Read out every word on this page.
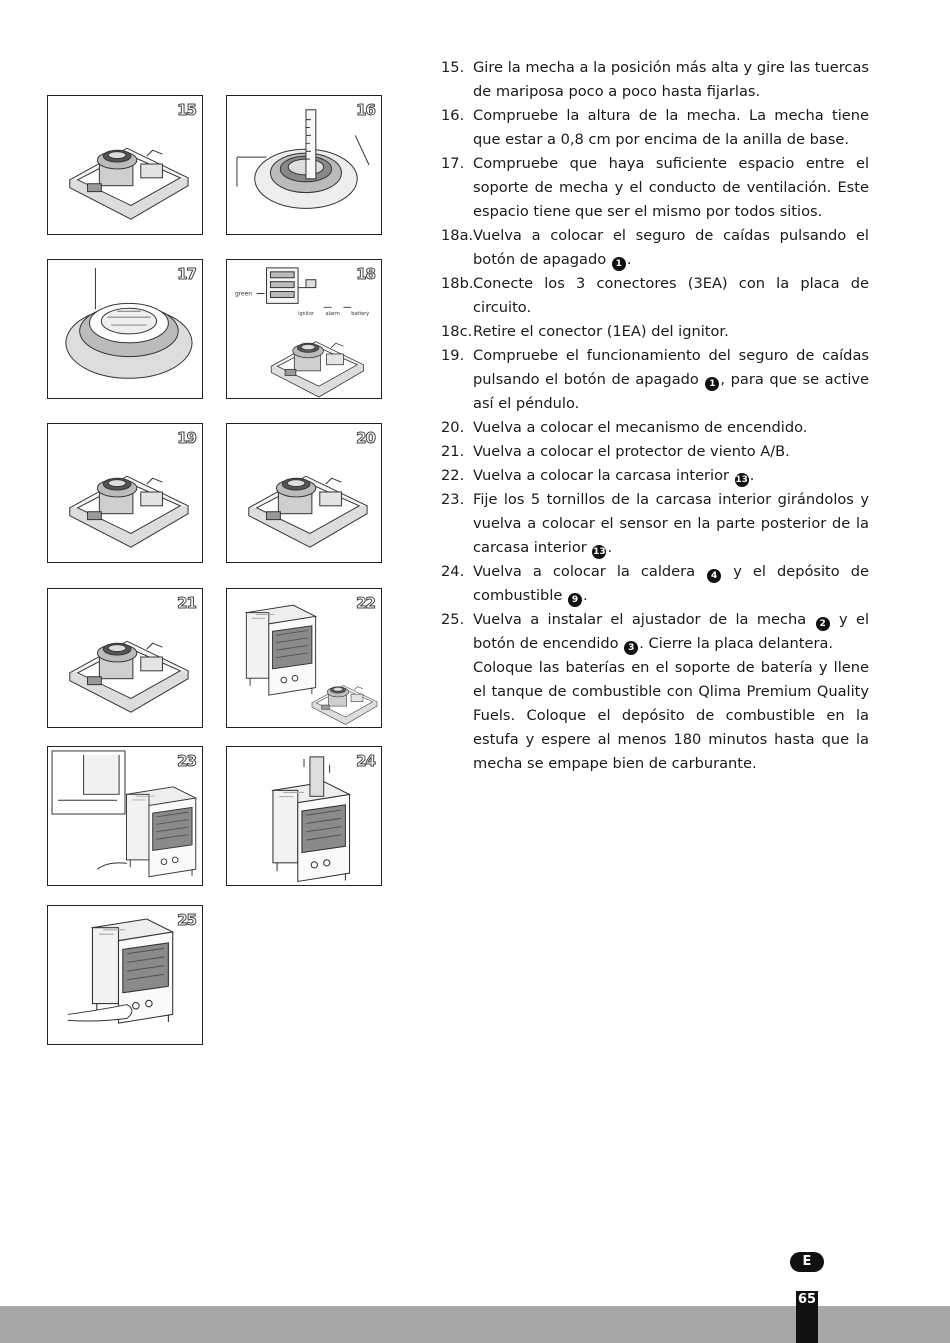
15	16
17
green
ignitor alarm battery
18
19	20
21	22
23	24
25
15. Gire la mecha a la posición más alta y gire las tuercas de mariposa poco a poco hasta fijarlas.
16. Compruebe la altura de la mecha. La mecha tiene que estar a 0,8 cm por encima de la anilla de base.
17. Compruebe que haya suficiente espacio entre el soporte de mecha y el conducto de ventilación. Este espacio tiene que ser el mismo por todos sitios.
18a. Vuelva a colocar el seguro de caídas pulsando el botón de apagado 1 .
18b. Conecte los 3 conectores (3EA) con la placa de circuito.
18c. Retire el conector (1EA) del ignitor.
19. Compruebe el funcionamiento del seguro de caídas pulsando el botón de apagado 1 , para que se active así el péndulo.
20. Vuelva a colocar el mecanismo de encendido.
21. Vuelva a colocar el protector de viento A/B.
22. Vuelva a colocar la carcasa interior 13 .
23. Fije los 5 tornillos de la carcasa interior girándolos y vuelva a colocar el sensor en la parte posterior de la carcasa interior 13 .
24. Vuelva a colocar la caldera 4 y el depósito de combustible 9 .
25. Vuelva a instalar el ajustador de la mecha 2 y el botón de encendido 3 . Cierre la placa delantera.
Coloque las baterías en el soporte de batería y llene el tanque de combustible con Qlima Premium Quality Fuels. Coloque el depósito de combustible en la estufa y espere al menos 180 minutos hasta que la mecha se empape bien de carburante.
E
65
